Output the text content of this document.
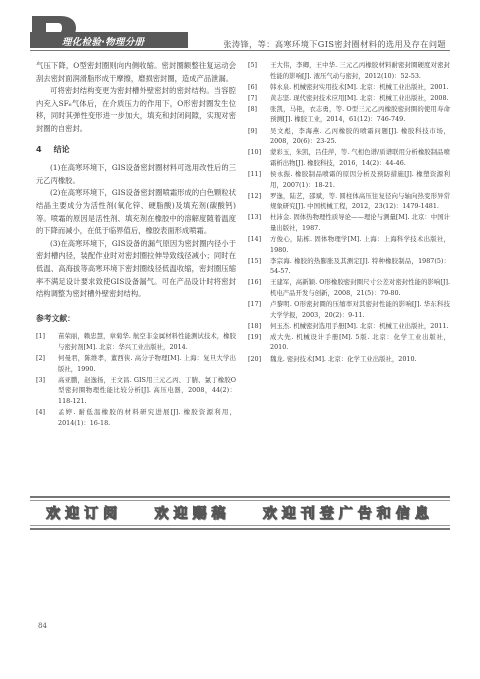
理化检验·物理分册	张涛锋，等：高寒环境下GIS密封圈材料的选用及存在问题

气压下降，O型密封圈则向内侧收缩。密封圈额整往复运动会刮去密封面润滑脂形成干摩擦，磨损密封圈，造成产品泄漏。

可将密封结构变更为密封槽外壁密封的密封结构。当容腔内充入SF₆气体后，在介质压力的作用下，O形密封圈发生位移，同时其弹性变形进一步加大，填充和封闭间隙，实现对密封圈的自密封。

4 结论

(1)在高寒环境下，GIS设备密封圈材料可选用改性后的三元乙丙橡胶。

(2)在高寒环境下，GIS设备密封圈喷霜形成的白色颗粒状结晶主要成分为活性剂(氧化锌、硬脂酸)及填充剂(碳酸钙)等。喷霜的原因是活性剂、填充剂在橡胶中的溶解度随着温度的下降而减小，在低于临界值后，橡胶表面形成喷霜。

(3)在高寒环境下，GIS设备的漏气原因为密封圈内径小于密封槽内径，装配作业时对密封圈拉伸导致线径减小；同时在低温、高海拔等高寒环境下密封圈线径低温收缩，密封圈压缩率不满足设计要求致使GIS设备漏气。可在产品设计时将密封结构调整为密封槽外壁密封结构。

参考文献：
[1] 苗荣丽，赖忠慧，章菊华. 航空非金属材料性能测试技术，橡胶与密封剂[M]. 北京：华兴工业出版社，2014.
[2] 何曼君，陈维孝，董西侠. 高分子物理[M]. 上海：复旦大学出版社，1990.
[3] 高亚鹏，赵逸扬，王文昌. GIS用三元乙丙、丁腈、氯丁橡胶O型密封圈物理性能比较分析[J]. 高压电器，2008，44(2)：118-121.
[4] 孟婷. 耐低温橡胶的材料研究进展[J]. 橡胶资源利用，2014(1)：16-18.
[5] 王大伟，李卿，王中华. 三元乙丙橡胶材料耐密封圈硬度对密封性能的影响[J]. 液压气动与密封，2012(10)：52-53.
[6] 韩永泉. 机械密封实用技术[M]. 北京：机械工业出版社，2001.
[7] 黄志坚. 现代密封技术应用[M]. 北京：机械工业出版社，2008.
[8] 张凯，马艳，衣志勇，等. O型三元乙丙橡胶密封圈的使用寿命预测[J]. 橡胶工业，2014，61(12)：746-749.
[9] 吴文彪，李海燕. 乙丙橡胶的喷霜问题[J]. 橡胶科技市场，2008，20(6)：23-25.
[10] 蒙彩玉，朱凯，吕佳萍，等. 气相色谱/质谱联用分析橡胶制品喷霜析出物[J]. 橡胶科技，2016，14(2)：44-46.
[11] 侯永振. 橡胶制品喷霜的原因分析及预防措施[J]. 橡塑资源利用，2007(1)：18-21.
[12] 罗逸，陆艺，邵斌，等. 圆柱体高压往复径向与轴向热变形异常规象研究[J]. 中国机械工程，2012，23(12)：1479-1481.
[13] 杜沛金. 固体热物理性质导论——理论与测量[M]. 北京：中国计量出版社，1987.
[14] 方俊心，陆栋. 固体物理学[M]. 上海：上海科学技术出版社，1980.
[15] 李宗海. 橡胶的热膨胀及其测定[J]. 特种橡胶制品，1987(5)：54-57.
[16] 王建军，高新颖. O形橡胶密封圈尺寸公差对密封性能的影响[J]. 机电产品开发与创新，2008，21(5)：79-80.
[17] 卢黎明. O形密封圈的压缩率对其密封性能的影响[J]. 华东科技大学学报，2003，20(2)：9-11.
[18] 何玉杰. 机械密封选用手册[M]. 北京：机械工业出版社，2011.
[19] 成大先. 机械设计手册[M]. 5版. 北京：化学工业出版社，2010.
[20] 魏龙. 密封技术[M]. 北京：化学工业出版社，2010.
欢迎订阅 欢迎赐稿 欢迎刊登广告和信息
84
